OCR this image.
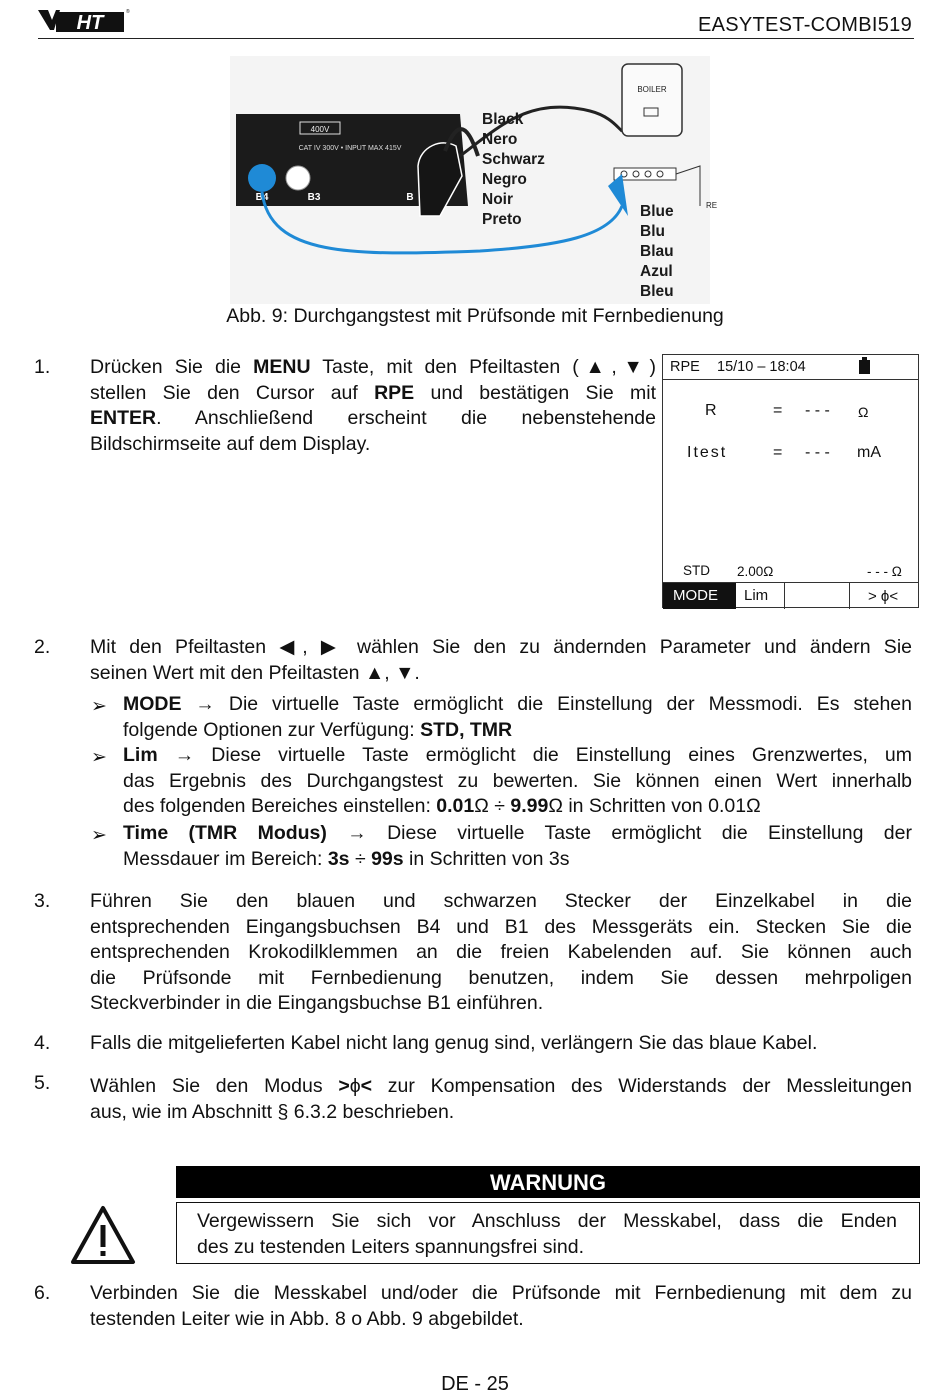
HT	®
EASYTEST-COMBI519
400V
CAT IV 300V • INPUT MAX 415V
B4	B3	B
BOILER
RE
Black
Nero
Schwarz
Negro
Noir
Preto	Blue
Blu
Blau
Azul
Bleu
Abb. 9: Durchgangstest mit Prüfsonde mit Fernbedienung
1. Drücken Sie die MENU Taste, mit den Pfeiltasten (▲,▼)
stellen Sie den Cursor auf RPE und bestätigen Sie mit
ENTER. Anschließend erscheint die nebenstehende
Bildschirmseite auf dem Display.
RPE 15/10 – 18:04
R	= - - - Ω
Itest	= - - - mA
STD 2.00Ω	- - - Ω
MODE Lim	> ϕ<
2. Mit den Pfeiltasten ◀, ▶ wählen Sie den zu ändernden Parameter und ändern Sie
seinen Wert mit den Pfeiltasten ▲, ▼.
➢ MODE → Die virtuelle Taste ermöglicht die Einstellung der Messmodi. Es stehen
folgende Optionen zur Verfügung: STD, TMR
➢ Lim → Diese virtuelle Taste ermöglicht die Einstellung eines Grenzwertes, um
das Ergebnis des Durchgangstest zu bewerten. Sie können einen Wert innerhalb
des folgenden Bereiches einstellen: 0.01Ω ÷ 9.99Ω in Schritten von 0.01Ω
➢ Time (TMR Modus) → Diese virtuelle Taste ermöglicht die Einstellung der
Messdauer im Bereich: 3s ÷ 99s in Schritten von 3s
3. Führen Sie den blauen und schwarzen Stecker der Einzelkabel in die
entsprechenden Eingangsbuchsen B4 und B1 des Messgeräts ein. Stecken Sie die
entsprechenden Krokodilklemmen an die freien Kabelenden auf. Sie können auch
die Prüfsonde mit Fernbedienung benutzen, indem Sie dessen mehrpoligen
Steckverbinder in die Eingangsbuchse B1 einführen.
4. Falls die mitgelieferten Kabel nicht lang genug sind, verlängern Sie das blaue Kabel.
5. Wählen Sie den Modus >ϕ< zur Kompensation des Widerstands der Messleitungen
aus, wie im Abschnitt § 6.3.2 beschrieben.
WARNUNG
Vergewissern Sie sich vor Anschluss der Messkabel, dass die Enden
des zu testenden Leiters spannungsfrei sind.
6. Verbinden Sie die Messkabel und/oder die Prüfsonde mit Fernbedienung mit dem zu
testenden Leiter wie in Abb. 8 o Abb. 9 abgebildet.
DE - 25
